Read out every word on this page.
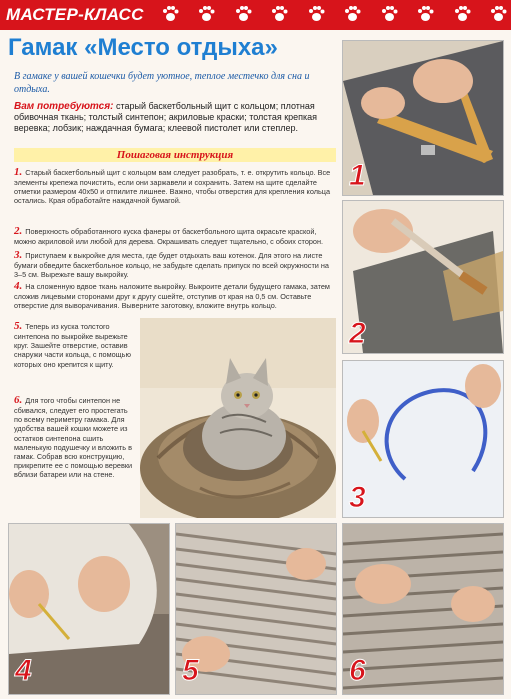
МАСТЕР-КЛАСС
Гамак «Место отдыха»
В гамаке у вашей кошечки будет уютное, теплое местечко для сна и отдыха.
Вам потребуются: старый баскетбольный щит с кольцом; плотная обивочная ткань; толстый синтепон; акриловые краски; толстая крепкая веревка; лобзик; наждачная бумага; клеевой пистолет или степлер.
Пошаговая инструкция
1. Старый баскетбольный щит с кольцом вам следует разобрать, т. е. открутить кольцо. Все элементы крепежа почистить, если они заржавели и сохранить. Затем на щите сделайте отметки размером 40х50 и отпилите лишнее. Важно, чтобы отверстия для крепления кольца остались. Края обработайте наждачной бумагой.
2. Поверхность обработанного куска фанеры от баскетбольного щита окрасьте краской, можно акриловой или любой для дерева. Окрашивать следует тщательно, с обоих сторон.
3. Приступаем к выкройке для места, где будет отдыхать ваш котенок. Для этого на листе бумаги обведите баскетбольное кольцо, не забудьте сделать припуск по всей окружности на 3–5 см. Вырежьте вашу выкройку.
4. На сложенную вдвое ткань наложите выкройку. Выкроите детали будущего гамака, затем сложив лицевыми сторонами друг к другу сшейте, отступив от края на 0,5 см. Оставьте отверстие для выворачивания. Выверните заготовку, вложите внутрь кольцо.
5. Теперь из куска толстого синтепона по выкройке вырежьте круг. Зашейте отверстие, оставив снаружи части кольца, с помощью которых оно крепится к щиту.
6. Для того чтобы синтепон не сбивался, следует его простегать по всему периметру гамака. Для удобства вашей кошки можете из остатков синтепона сшить маленькую подушечку и вложить в гамак. Собрав всю конструкцию, прикрепите ее с помощью веревки вблизи батареи или на стене.
1
2
3
4	5	6
